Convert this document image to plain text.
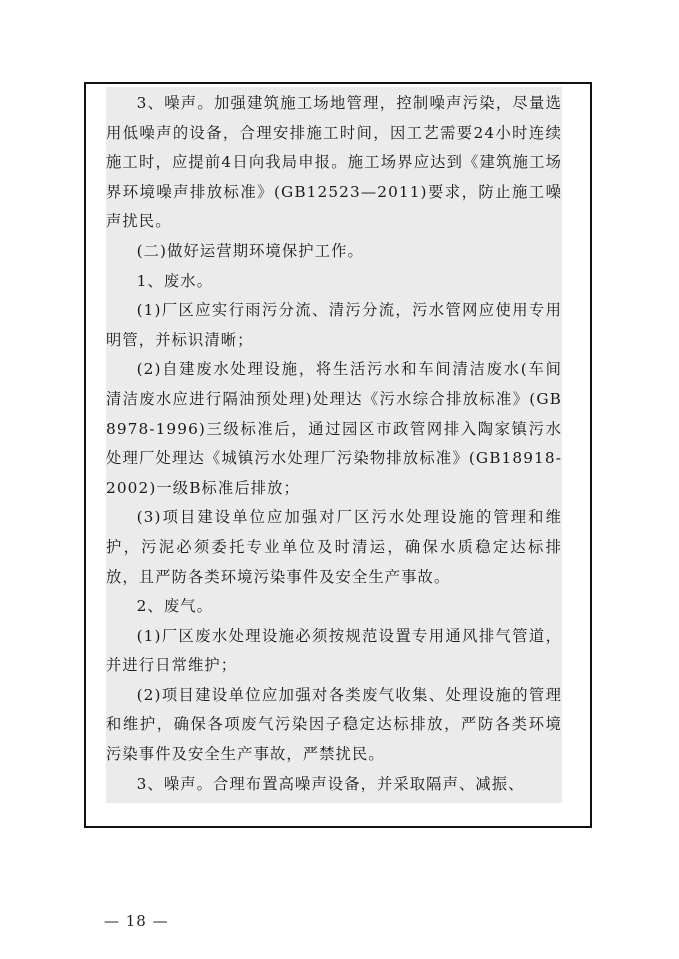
3、噪声。加强建筑施工场地管理，控制噪声污染，尽量选用低噪声的设备，合理安排施工时间，因工艺需要24小时连续施工时，应提前4日向我局申报。施工场界应达到《建筑施工场界环境噪声排放标准》(GB12523—2011)要求，防止施工噪声扰民。

(二)做好运营期环境保护工作。

1、废水。

(1)厂区应实行雨污分流、清污分流，污水管网应使用专用明管，并标识清晰；

(2)自建废水处理设施，将生活污水和车间清洁废水(车间清洁废水应进行隔油预处理)处理达《污水综合排放标准》(GB8978-1996)三级标准后，通过园区市政管网排入陶家镇污水处理厂处理达《城镇污水处理厂污染物排放标准》(GB18918-2002)一级B标准后排放；

(3)项目建设单位应加强对厂区污水处理设施的管理和维护，污泥必须委托专业单位及时清运，确保水质稳定达标排放，且严防各类环境污染事件及安全生产事故。

2、废气。

(1)厂区废水处理设施必须按规范设置专用通风排气管道，并进行日常维护；

(2)项目建设单位应加强对各类废气收集、处理设施的管理和维护，确保各项废气污染因子稳定达标排放，严防各类环境污染事件及安全生产事故，严禁扰民。

3、噪声。合理布置高噪声设备，并采取隔声、减振、

— 18 —
